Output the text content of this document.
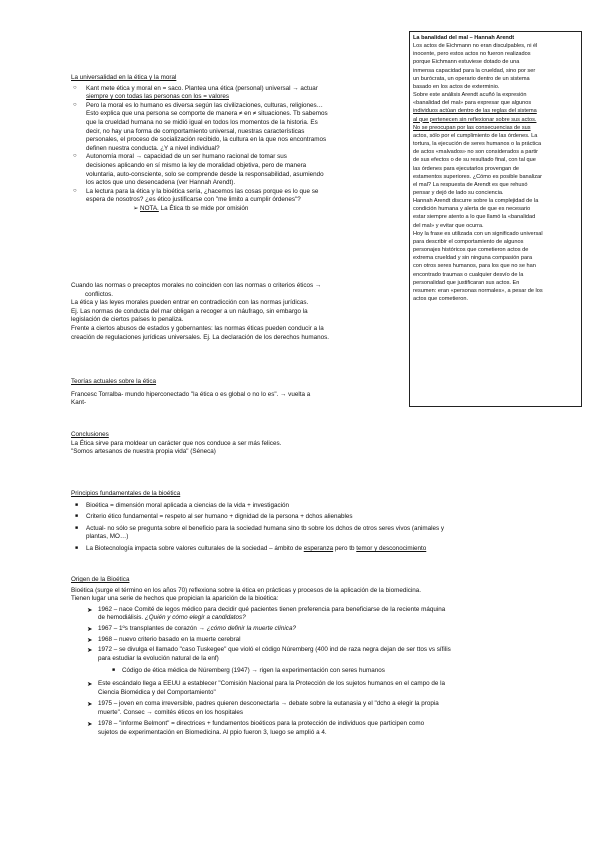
La banalidad del mal – Hannah Arendt

Los actos de Eichmann no eran disculpables, ni él

inocente, pero estos actos no fueron realizados

porque Eichmann estuviese dotado de una

inmensa capacidad para la crueldad, sino por ser

un burócrata, un operario dentro de un sistema

basado en los actos de exterminio.

Sobre este análisis Arendt acuñó la expresión

«banalidad del mal» para expresar que algunos

individuos actúan dentro de las reglas del sistema

al que pertenecen sin reflexionar sobre sus actos.

No se preocupan por las consecuencias de sus

actos, sólo por el cumplimiento de las órdenes. La

tortura, la ejecución de seres humanos o la práctica

de actos «malvados» no son considerados a partir

de sus efectos o de su resultado final, con tal que

las órdenes para ejecutarlos provengan de

estamentos superiores. ¿Cómo es posible banalizar

el mal? La respuesta de Arendt es que rehusó

pensar y dejó de lado su conciencia.

Hannah Arendt discurre sobre la complejidad de la

condición humana y alerta de que es necesario

estar siempre atento a lo que llamó la «banalidad

del mal» y evitar que ocurra.

Hoy la frase es utilizada con un significado universal

para describir el comportamiento de algunos

personajes históricos que cometieron actos de

extrema crueldad y sin ninguna compasión para

con otros seres humanos, para los que no se han

encontrado traumas o cualquier desvío de la

personalidad que justificaran sus actos. En

resumen: eran «personas normales», a pesar de los

actos que cometieron.

La universalidad en la ética y la moral

○ Kant mete ética y moral en = saco. Plantea una ética (personal) universal → actuar

siempre y con todas las personas con los = valores

○ Pero la moral es lo humano es diversa según las civilizaciones, culturas, religiones…

Esto explica que una persona se comporte de manera ≠ en ≠ situaciones. Tb sabemos

que la crueldad humana no se midió igual en todos los momentos de la historia. Es

decir, no hay una forma de comportamiento universal, nuestras características

personales, el proceso de socialización recibido, la cultura en la que nos encontramos

definen nuestra conducta. ¿Y a nivel individual?

○ Autonomía moral → capacidad de un ser humano racional de tomar sus

decisiones aplicando en sí mismo la ley de moralidad objetiva, pero de manera

voluntaria, auto-consciente, solo se comprende desde la responsabilidad, asumiendo

los actos que uno desencadena (ver Hannah Arendt).

○ La lectura para la ética y la bioética sería, ¿hacemos las cosas porque es lo que se

espera de nosotros? ¿es ético justificarse con "me limito a cumplir órdenes"?

➢ NOTA. La Ética tb se mide por omisión

Cuando las normas o preceptos morales no coinciden con las normas o criterios éticos →

conflictos.

La ética y las leyes morales pueden entrar en contradicción con las normas jurídicas.

Ej. Las normas de conducta del mar obligan a recoger a un náufrago, sin embargo la

legislación de ciertos países lo penaliza.

Frente a ciertos abusos de estados y gobernantes: las normas éticas pueden conducir a la

creación de regulaciones jurídicas universales. Ej. La declaración de los derechos humanos.

Teorías actuales sobre la ética

Francesc Torralba- mundo hiperconectado "la ética o es global o no lo es". → vuelta a

Kant-

Conclusiones

La Ética sirve para moldear un carácter que nos conduce a ser más felices.

"Somos artesanos de nuestra propia vida" (Séneca)

Principios fundamentales de la bioética

■ Bioética = dimensión moral aplicada a ciencias de la vida + investigación

■ Criterio ético fundamental = respeto al ser humano + dignidad de la persona + dchos alienables

■ Actual- no sólo se pregunta sobre el beneficio para la sociedad humana sino tb sobre los dchos de otros seres vivos (animales y

plantas, MO…)

■ La Biotecnología impacta sobre valores culturales de la sociedad – ámbito de esperanza pero tb temor y desconocimiento

Origen de la Bioética

Bioética (surge el término en los años 70) reflexiona sobre la ética en prácticas y procesos de la aplicación de la biomedicina.

Tienen lugar una serie de hechos que propician la aparición de la bioética:

➤ 1962 – nace Comité de legos médico para decidir qué pacientes tienen preferencia para beneficiarse de la reciente máquina

de hemodiálisis. ¿Quién y cómo elegir a candidatos?

➤ 1967 – 1ºs transplantes de corazón → ¿cómo definir la muerte clínica?

➤ 1968 – nuevo criterio basado en la muerte cerebral

➤ 1972 – se divulga el llamado "caso Tuskegee" que violó el código Núremberg (400 ind de raza negra dejan de ser ttos vs sífilis

para estudiar la evolución natural de la enf)

■ Código de ética médica de Núremberg (1947) → rigen la experimentación con seres humanos

➤ Este escándalo llega a EEUU a establecer "Comisión Nacional para la Protección de los sujetos humanos en el campo de la

Ciencia Biomédica y del Comportamiento"

➤ 1975 – joven en coma irreversible, padres quieren desconectarla → debate sobre la eutanasia y el "dcho a elegir la propia

muerte". Consec → comités éticos en los hospitales

➤ 1978 – "informe Belmont" = directrices + fundamentos bioéticos para la protección de individuos que participen como

sujetos de experimentación en Biomedicina. Al ppio fueron 3, luego se amplió a 4.
